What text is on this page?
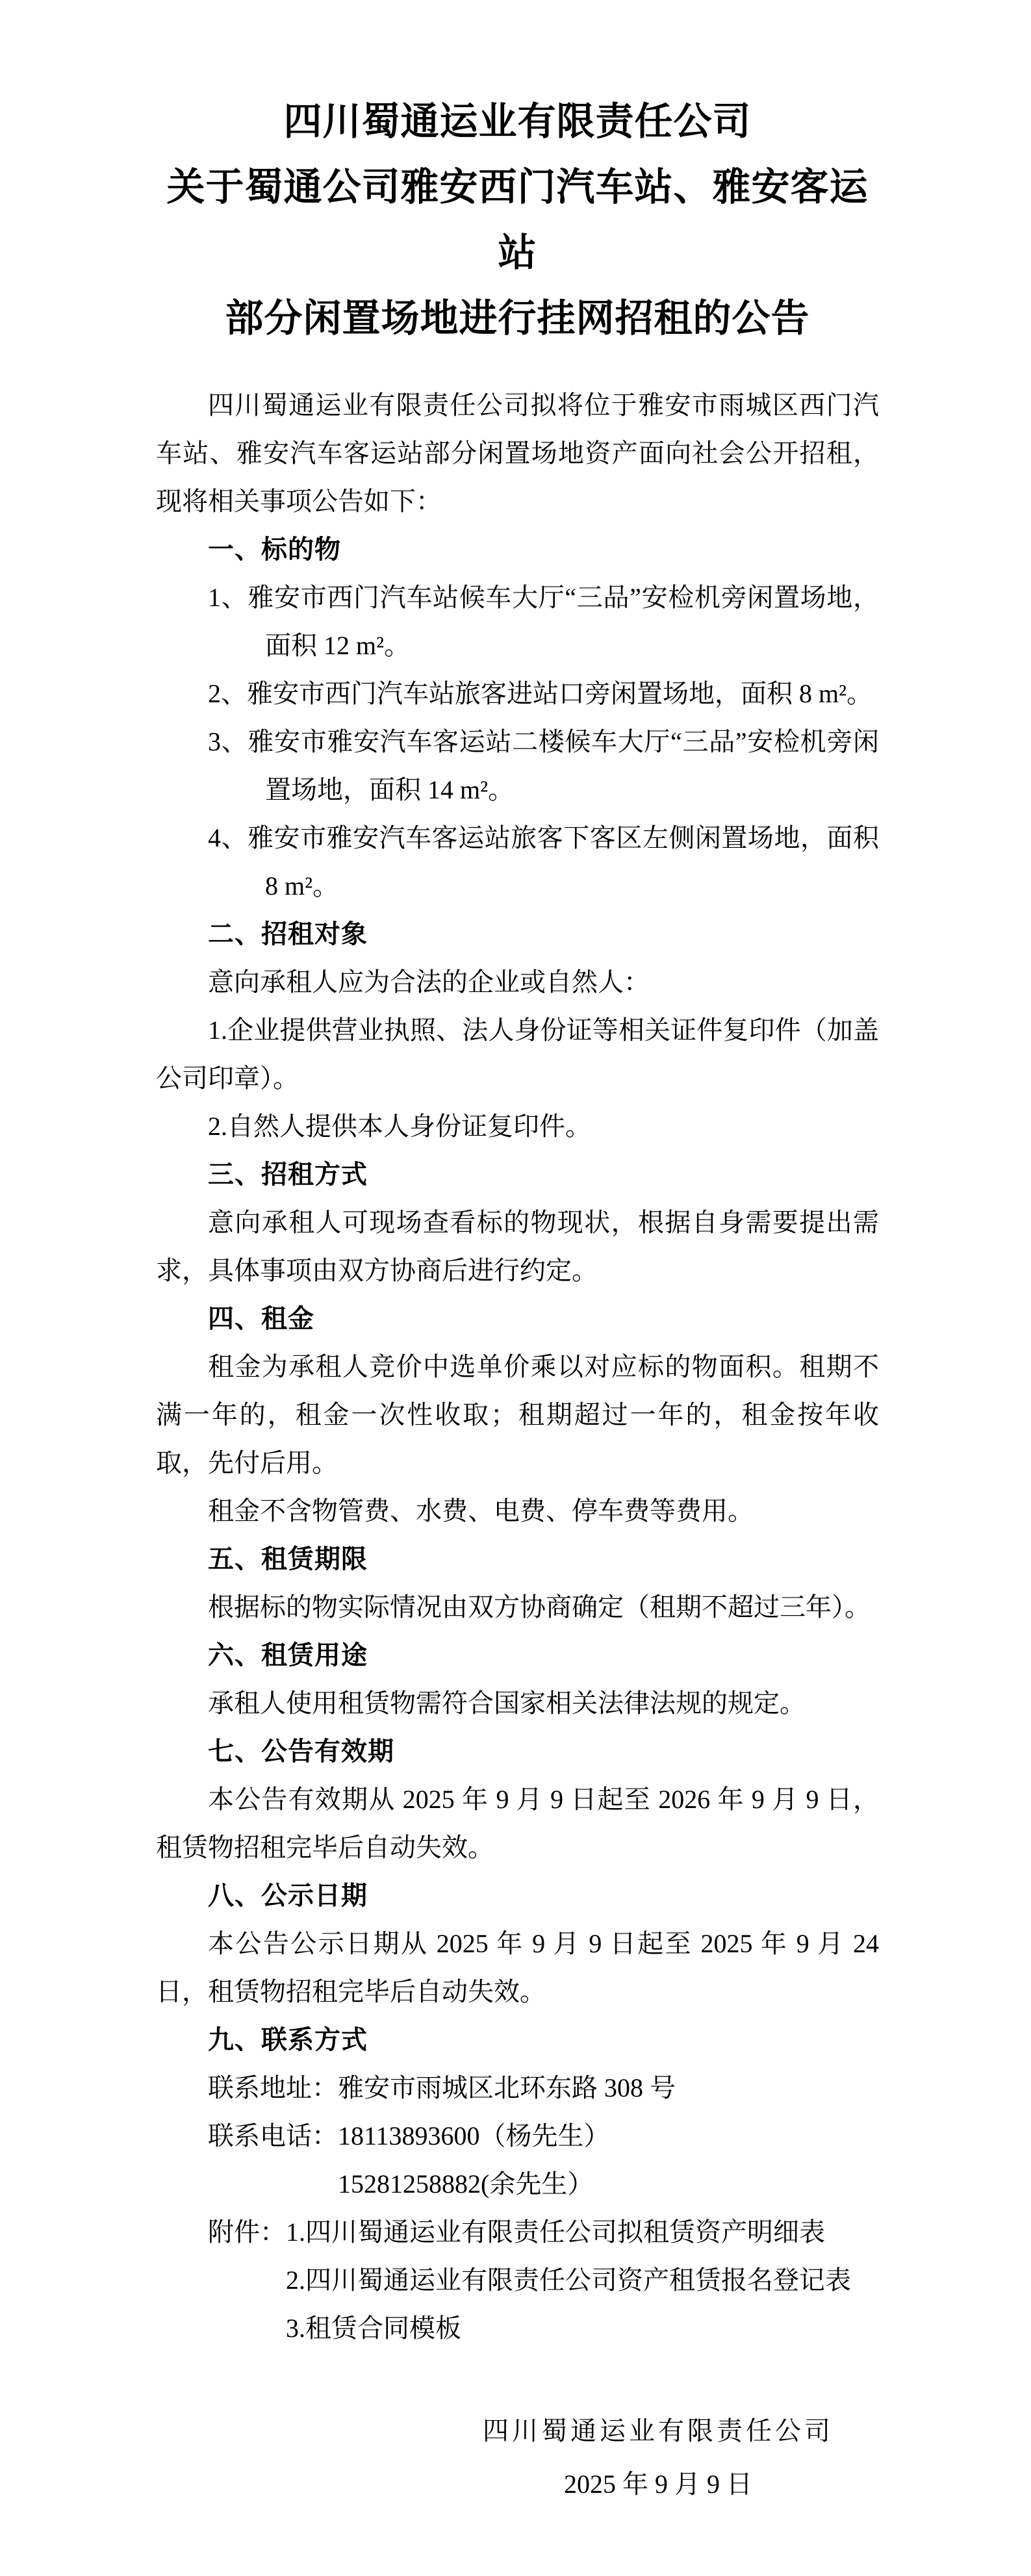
四川蜀通运业有限责任公司
关于蜀通公司雅安西门汽车站、雅安客运站
部分闲置场地进行挂网招租的公告

四川蜀通运业有限责任公司拟将位于雅安市雨城区西门汽车站、雅安汽车客运站部分闲置场地资产面向社会公开招租，现将相关事项公告如下：

一、标的物

1、雅安市西门汽车站候车大厅“三品”安检机旁闲置场地，面积 12 m²。

2、雅安市西门汽车站旅客进站口旁闲置场地，面积 8 m²。

3、雅安市雅安汽车客运站二楼候车大厅“三品”安检机旁闲置场地，面积 14 m²。

4、雅安市雅安汽车客运站旅客下客区左侧闲置场地，面积 8 m²。

二、招租对象

意向承租人应为合法的企业或自然人：

1.企业提供营业执照、法人身份证等相关证件复印件（加盖公司印章）。

2.自然人提供本人身份证复印件。

三、招租方式

意向承租人可现场查看标的物现状，根据自身需要提出需求，具体事项由双方协商后进行约定。

四、租金

租金为承租人竞价中选单价乘以对应标的物面积。租期不满一年的，租金一次性收取；租期超过一年的，租金按年收取，先付后用。

租金不含物管费、水费、电费、停车费等费用。

五、租赁期限

根据标的物实际情况由双方协商确定（租期不超过三年）。

六、租赁用途

承租人使用租赁物需符合国家相关法律法规的规定。

七、公告有效期

本公告有效期从 2025 年 9 月 9 日起至 2026 年 9 月 9 日，租赁物招租完毕后自动失效。

八、公示日期

本公告公示日期从 2025 年 9 月 9 日起至 2025 年 9 月 24 日，租赁物招租完毕后自动失效。

九、联系方式

联系地址：雅安市雨城区北环东路 308 号

联系电话：18113893600（杨先生）

15281258882(余先生）

附件：1.四川蜀通运业有限责任公司拟租赁资产明细表

2.四川蜀通运业有限责任公司资产租赁报名登记表

3.租赁合同模板

四川蜀通运业有限责任公司
2025 年 9 月 9 日
